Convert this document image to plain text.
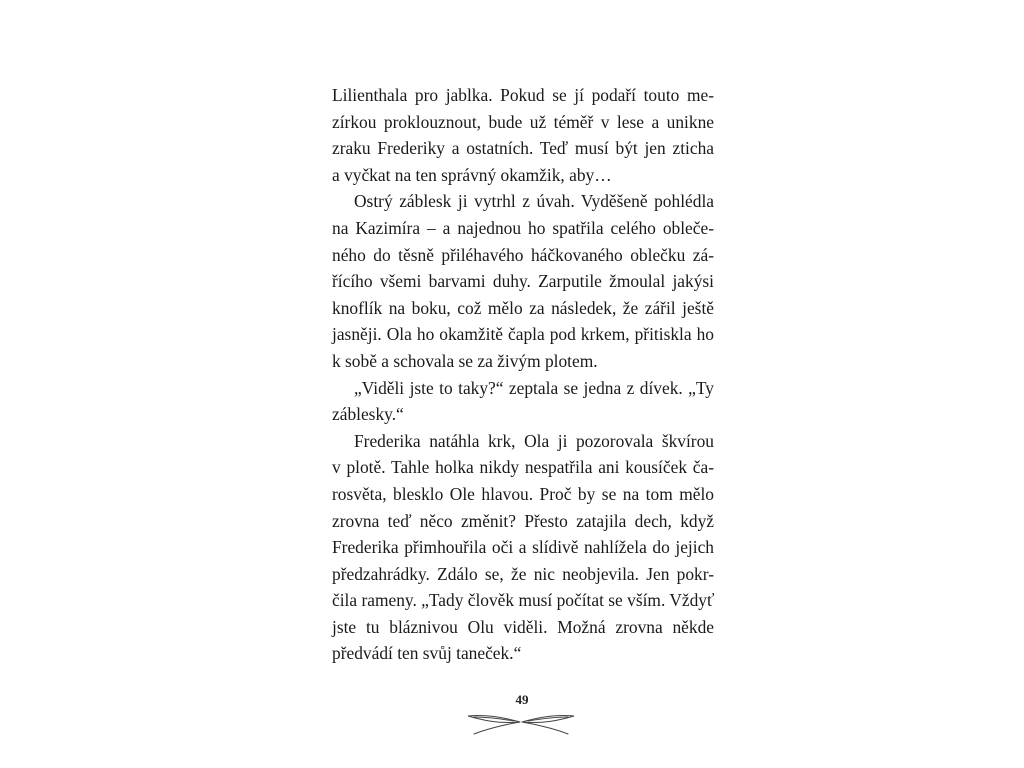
Lilienthala pro jablka. Pokud se jí podaří touto me-
zírkou proklouznout, bude už téměř v lese a unikne
zraku Frederiky a ostatních. Teď musí být jen zticha
a vyčkat na ten správný okamžik, aby…
Ostrý záblesk ji vytrhl z úvah. Vyděšeně pohlédla
na Kazimíra – a najednou ho spatřila celého obleče-
ného do těsně přiléhavého háčkovaného oblečku zá-
řícího všemi barvami duhy. Zarputile žmoulal jakýsi
knoflík na boku, což mělo za následek, že zářil ještě
jasněji. Ola ho okamžitě čapla pod krkem, přitiskla ho
k sobě a schovala se za živým plotem.
„Viděli jste to taky?“ zeptala se jedna z dívek. „Ty
záblesky.“
Frederika natáhla krk, Ola ji pozorovala škvírou
v plotě. Tahle holka nikdy nespatřila ani kousíček ča-
rosvěta, blesklo Ole hlavou. Proč by se na tom mělo
zrovna teď něco změnit? Přesto zatajila dech, když
Frederika přimhouřila oči a slídivě nahlížela do jejich
předzahrádky. Zdálo se, že nic neobjevila. Jen pokr-
čila rameny. „Tady člověk musí počítat se vším. Vždyť
jste tu bláznivou Olu viděli. Možná zrovna někde
předvádí ten svůj taneček.“
49
